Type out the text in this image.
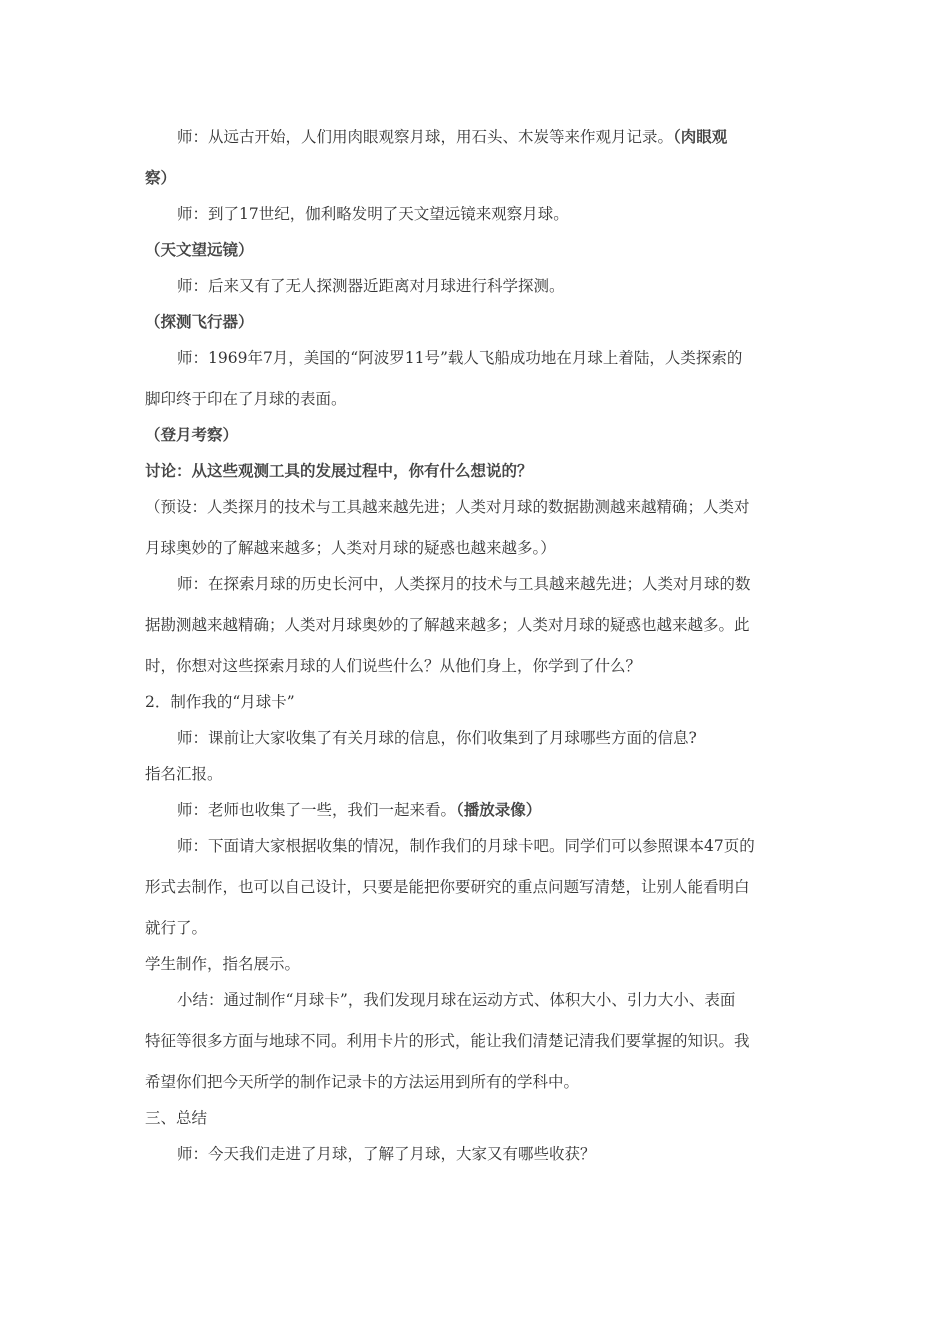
师：从远古开始，人们用肉眼观察月球，用石头、木炭等来作观月记录。（肉眼观
察）
师：到了17世纪，伽利略发明了天文望远镜来观察月球。
（天文望远镜）
师：后来又有了无人探测器近距离对月球进行科学探测。
（探测飞行器）
师：1969年7月，美国的“阿波罗11号”载人飞船成功地在月球上着陆，人类探索的
脚印终于印在了月球的表面。
（登月考察）
讨论：从这些观测工具的发展过程中，你有什么想说的？
（预设：人类探月的技术与工具越来越先进；人类对月球的数据勘测越来越精确；人类对
月球奥妙的了解越来越多；人类对月球的疑惑也越来越多。）
师：在探索月球的历史长河中，人类探月的技术与工具越来越先进；人类对月球的数
据勘测越来越精确；人类对月球奥妙的了解越来越多；人类对月球的疑惑也越来越多。此
时，你想对这些探索月球的人们说些什么？从他们身上，你学到了什么？
2．制作我的“月球卡”
师：课前让大家收集了有关月球的信息，你们收集到了月球哪些方面的信息?
指名汇报。
师：老师也收集了一些，我们一起来看。（播放录像）
师：下面请大家根据收集的情况，制作我们的月球卡吧。同学们可以参照课本47页的
形式去制作，也可以自己设计，只要是能把你要研究的重点问题写清楚，让别人能看明白
就行了。
学生制作，指名展示。
小结：通过制作“月球卡”，我们发现月球在运动方式、体积大小、引力大小、表面
特征等很多方面与地球不同。利用卡片的形式，能让我们清楚记清我们要掌握的知识。我
希望你们把今天所学的制作记录卡的方法运用到所有的学科中。
三、总结
师：今天我们走进了月球，了解了月球，大家又有哪些收获？
